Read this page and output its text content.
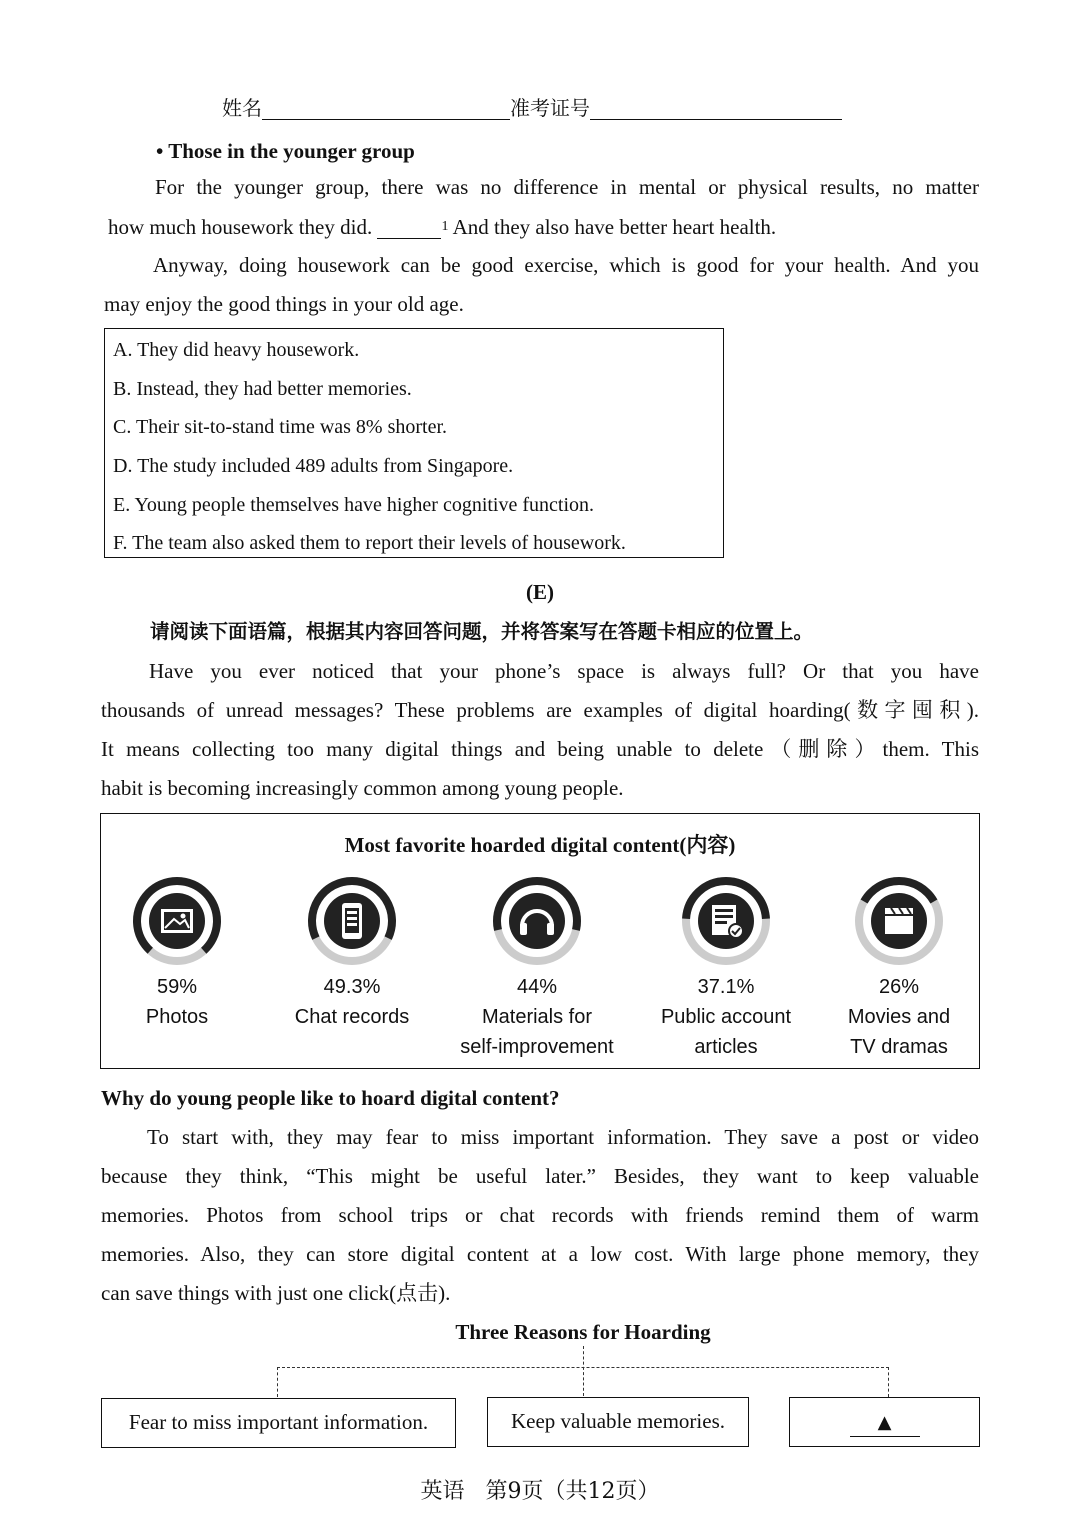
姓名	准考证号
• Those in the younger group
For the younger group, there was no difference in mental or physical results, no matter
how much housework they did.	$^1$ And they also have better heart health.
Anyway, doing housework can be good exercise, which is good for your health. And you
may enjoy the good things in your old age.
A. They did heavy housework.
B. Instead, they had better memories.
C. Their sit-to-stand time was 8% shorter.
D. The study included 489 adults from Singapore.
E. Young people themselves have higher cognitive function.
F. The team also asked them to report their levels of housework.
(E)
请阅读下面语篇，根据其内容回答问题，并将答案写在答题卡相应的位置上。
Have you ever noticed that your phone’s space is always full? Or that you have
thousands of unread messages? These problems are examples of digital hoarding(数字囤积).
It means collecting too many digital things and being unable to delete（删除）them. This
habit is becoming increasingly common among young people.
Most favorite hoarded digital content(内容)
59%
Photos
49.3%
Chat records
44%
Materials for
self-improvement
37.1%
Public account
articles
26%
Movies and
TV dramas
Why do young people like to hoard digital content?
To start with, they may fear to miss important information. They save a post or video
because they think, “This might be useful later.” Besides, they want to keep valuable
memories. Photos from school trips or chat records with friends remind them of warm
memories. Also, they can store digital content at a low cost. With large phone memory, they
can save things with just one click(点击).
Three Reasons for Hoarding
Fear to miss important information.	Keep valuable memories.	▲
英语   第9页（共12页）
